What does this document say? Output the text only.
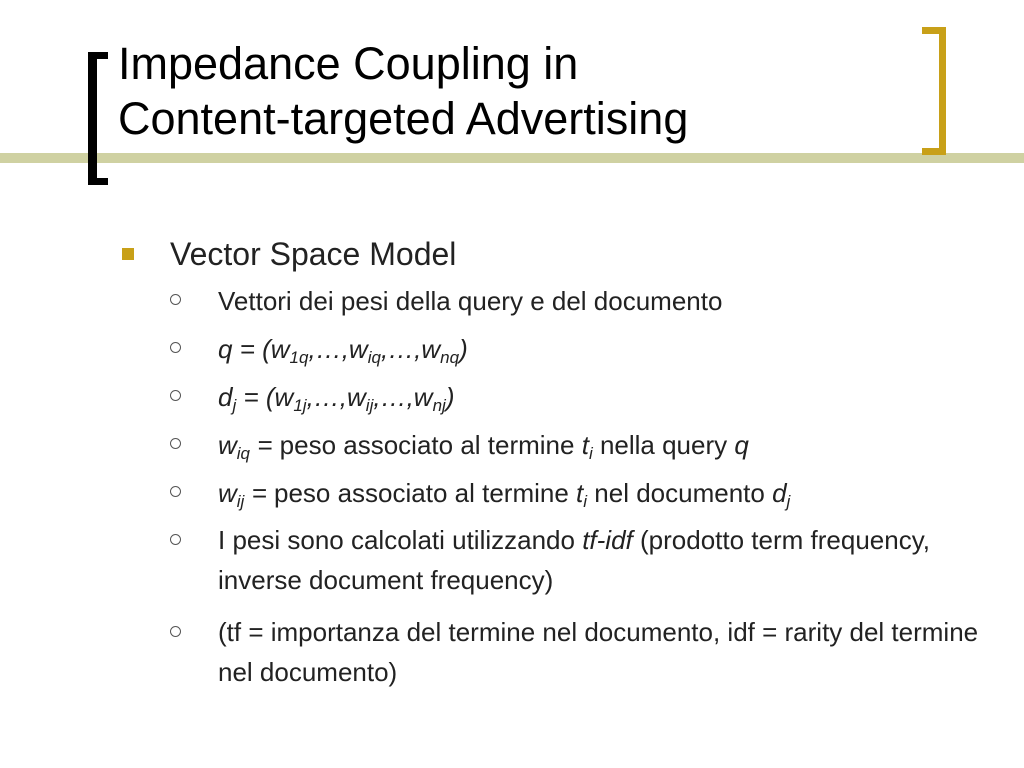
Impedance Coupling in
Content-targeted Advertising

Vector Space Model

Vettori dei pesi della query e del documento
$q = (w_{1q},\dots,w_{iq},\dots,w_{nq})$
$d_j$ = $(w_{1j},\dots,w_{ij},\dots,w_{nj})$
$w_{iq}$ = peso associato al termine $t_i$ nella query q
$w_{ij}$ = peso associato al termine $t_i$ nel documento $d_j$
I pesi sono calcolati utilizzando tf-idf (prodotto term frequency, inverse document frequency)
(tf = importanza del termine nel documento, idf = rarity del termine nel documento)
